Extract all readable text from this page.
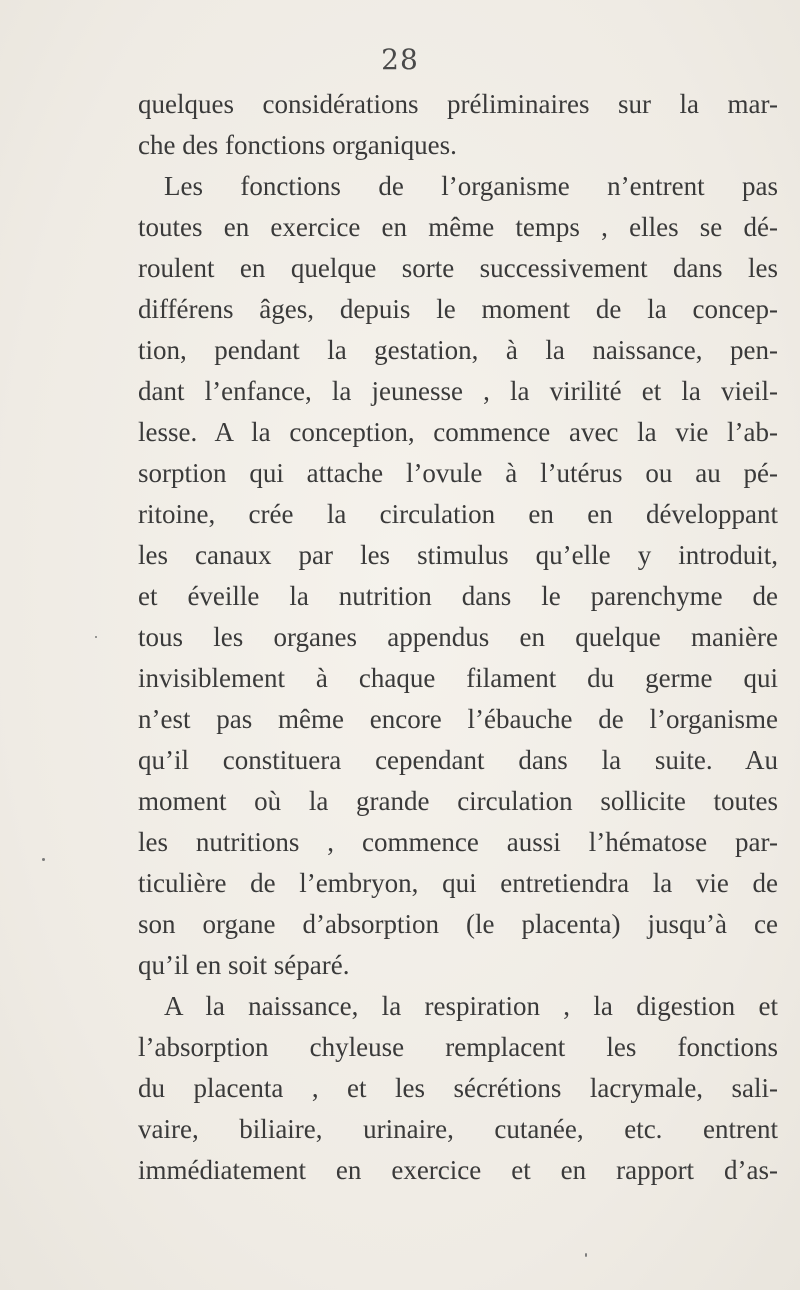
28
quelques considérations préliminaires sur la mar-
che des fonctions organiques.
Les fonctions de l’organisme n’entrent pas
toutes en exercice en même temps , elles se dé-
roulent en quelque sorte successivement dans les
différens âges, depuis le moment de la concep-
tion, pendant la gestation, à la naissance, pen-
dant l’enfance, la jeunesse , la virilité et la vieil-
lesse. A la conception, commence avec la vie l’ab-
sorption qui attache l’ovule à l’utérus ou au pé-
ritoine, crée la circulation en en développant
les canaux par les stimulus qu’elle y introduit,
et éveille la nutrition dans le parenchyme de
tous les organes appendus en quelque manière
invisiblement à chaque filament du germe qui
n’est pas même encore l’ébauche de l’organisme
qu’il constituera cependant dans la suite. Au
moment où la grande circulation sollicite toutes
les nutritions , commence aussi l’hématose par-
ticulière de l’embryon, qui entretiendra la vie de
son organe d’absorption (le placenta) jusqu’à ce
qu’il en soit séparé.
A la naissance, la respiration , la digestion et
l’absorption chyleuse remplacent les fonctions
du placenta , et les sécrétions lacrymale, sali-
vaire, biliaire, urinaire, cutanée, etc. entrent
immédiatement en exercice et en rapport d’as-
